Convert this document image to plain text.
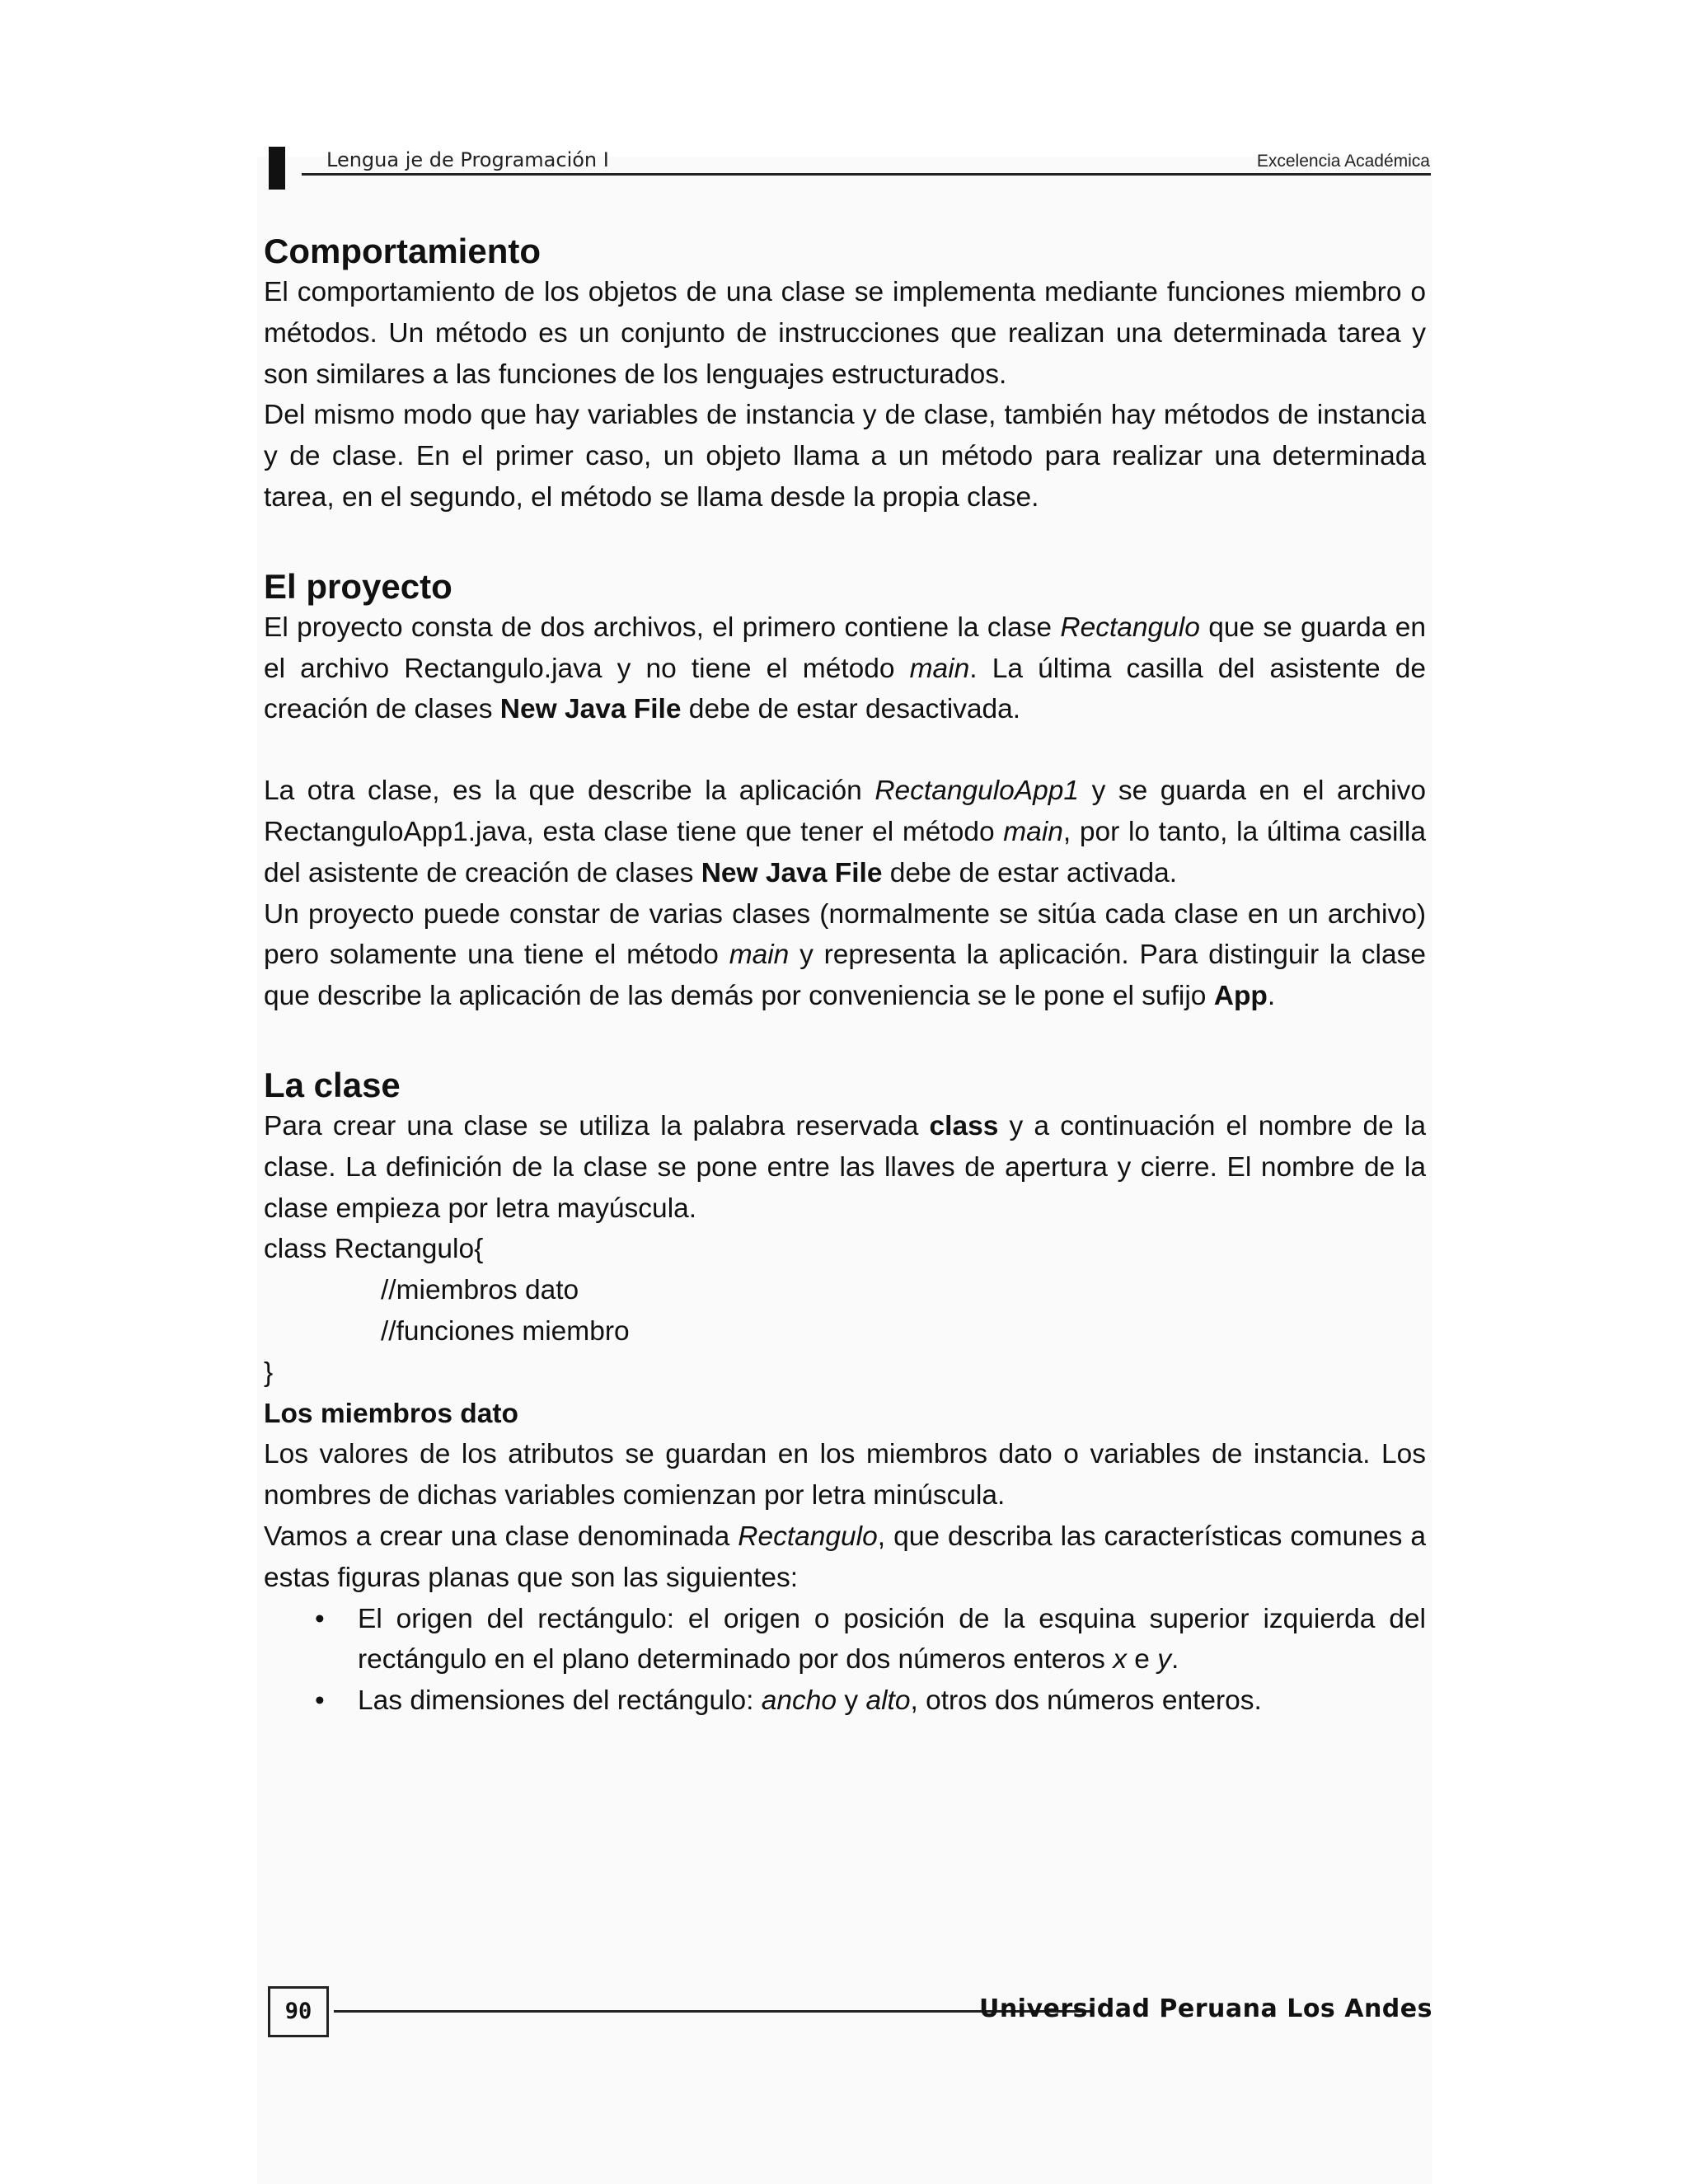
Lengua je de Programación I	Excelencia Académica
Comportamiento

El comportamiento de los objetos de una clase se implementa mediante funciones miembro o métodos. Un método es un conjunto de instrucciones que realizan una determinada tarea y son similares a las funciones de los lenguajes estructurados.

Del mismo modo que hay variables de instancia y de clase, también hay métodos de instancia y de clase. En el primer caso, un objeto llama a un método para realizar una determinada tarea, en el segundo, el método se llama desde la propia clase.

El proyecto

El proyecto consta de dos archivos, el primero contiene la clase Rectangulo que se guarda en el archivo Rectangulo.java y no tiene el método main. La última casilla del asistente de creación de clases New Java File debe de estar desactivada.

La otra clase, es la que describe la aplicación RectanguloApp1 y se guarda en el archivo RectanguloApp1.java, esta clase tiene que tener el método main, por lo tanto, la última casilla del asistente de creación de clases New Java File debe de estar activada.

Un proyecto puede constar de varias clases (normalmente se sitúa cada clase en un archivo) pero solamente una tiene el método main y representa la aplicación. Para distinguir la clase que describe la aplicación de las demás por conveniencia se le pone el sufijo App.

La clase

Para crear una clase se utiliza la palabra reservada class y a continuación el nombre de la clase. La definición de la clase se pone entre las llaves de apertura y cierre. El nombre de la clase empieza por letra mayúscula.

class Rectangulo{
//miembros dato
//funciones miembro
}
Los miembros dato

Los valores de los atributos se guardan en los miembros dato o variables de instancia. Los nombres de dichas variables comienzan por letra minúscula.

Vamos a crear una clase denominada Rectangulo, que describa las características comunes a estas figuras planas que son las siguientes:

• El origen del rectángulo: el origen o posición de la esquina superior izquierda del rectángulo en el plano determinado por dos números enteros x e y.
• Las dimensiones del rectángulo: ancho y alto, otros dos números enteros.
90	Universidad Peruana Los Andes
